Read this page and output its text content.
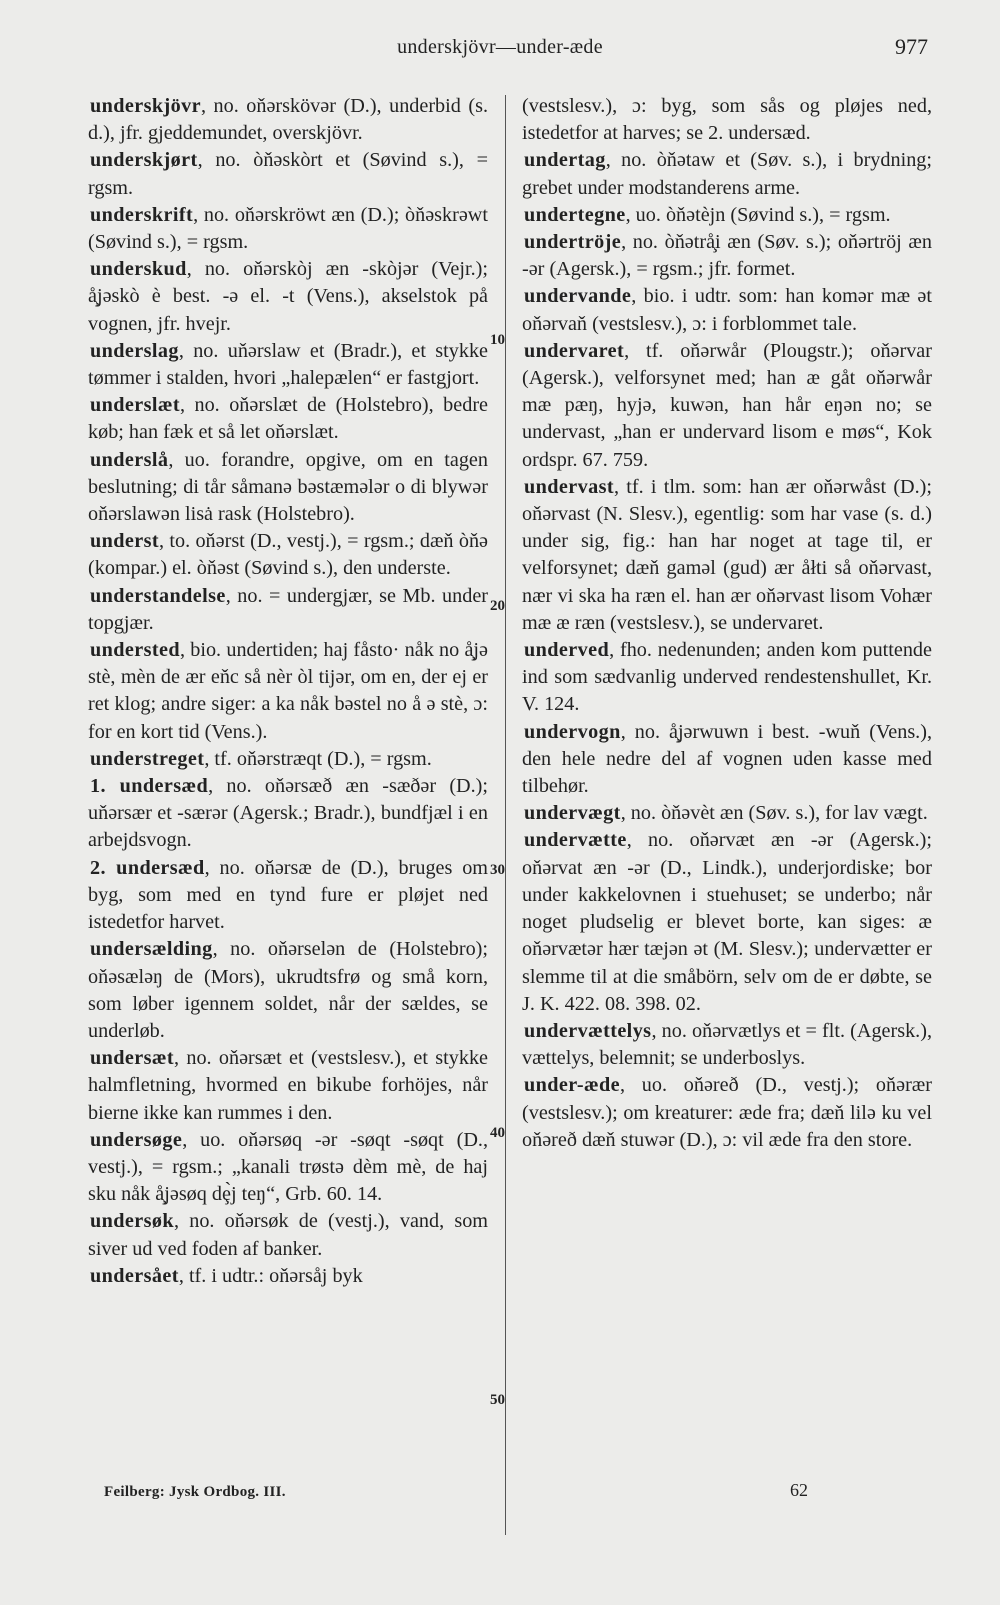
underskjövr—under-æde	977
10
20
30
40
50

underskjövr, no. oňərskövər (D.), underbid (s. d.), jfr. gjeddemundet, overskjövr.

underskjørt, no. òňəskòrt et (Søvind s.), = rgsm.

underskrift, no. oňərskröwt æn (D.); òňəskrəwt (Søvind s.), = rgsm.

underskud, no. oňərskòj æn -skòjər (Vejr.); å̧jəskò è best. -ə el. -t (Vens.), akselstok på vognen, jfr. hvejr.

underslag, no. uňərslaw et (Bradr.), et stykke tømmer i stalden, hvori „halepælen“ er fastgjort.

underslæt, no. oňərslæt de (Holstebro), bedre køb; han fæk et så let oňərslæt.

underslå, uo. forandre, opgive, om en tagen beslutning; di tår såmanə bəstæmələr o di blywər oňərslawən lisȧ rask (Holstebro).

underst, to. oňərst (D., vestj.), = rgsm.; dæň òňə (kompar.) el. òňəst (Søvind s.), den underste.

understandelse, no. = undergjær, se Mb. under topgjær.

understed, bio. undertiden; haj fåsto· nåk no å̧jə stè, mèn de ær eňc så nèr òl tijər, om en, der ej er ret klog; andre siger: a ka nåk bəstel no å ə stè, ɔ: for en kort tid (Vens.).

understreget, tf. oňərstræqt (D.), = rgsm.

1. undersæd, no. oňərsæð æn -sæðər (D.); uňərsær et -særər (Agersk.; Bradr.), bundfjæl i en arbejdsvogn.

2. undersæd, no. oňərsæ de (D.), bruges om byg, som med en tynd fure er pløjet ned istedetfor harvet.

undersælding, no. oňərselən de (Holstebro); oňəsæləŋ de (Mors), ukrudtsfrø og små korn, som løber igennem soldet, når der sældes, se underløb.

undersæt, no. oňərsæt et (vestslesv.), et stykke halmfletning, hvormed en bikube forhöjes, når bierne ikke kan rummes i den.

undersøge, uo. oňərsøq -ər -søqt -søqt (D., vestj.), = rgsm.; „kanali trøstə dèm mè, de haj sku nåk å̧jəsøq dȩ̀j teŋ“, Grb. 60. 14.

undersøk, no. oňərsøk de (vestj.), vand, som siver ud ved foden af banker.

undersået, tf. i udtr.: oňərsåj byk

(vestslesv.), ɔ: byg, som sås og pløjes ned, istedetfor at harves; se 2. undersæd.

undertag, no. òňətaw et (Søv. s.), i brydning; grebet under modstanderens arme.

undertegne, uo. òňətèjn (Søvind s.), = rgsm.

undertröje, no. òňətrå̧i æn (Søv. s.); oňərtröj æn -ər (Agersk.), = rgsm.; jfr. formet.

undervande, bio. i udtr. som: han komər mæ ət oňərvaň (vestslesv.), ɔ: i forblommet tale.

undervaret, tf. oňərwår (Plougstr.); oňərvar (Agersk.), velforsynet med; han æ gåt oňərwår mæ pæŋ, hyjə, kuwən, han hår eŋən no; se undervast, „han er undervard lisom e møs“, Kok ordspr. 67. 759.

undervast, tf. i tlm. som: han ær oňərwåst (D.); oňərvast (N. Slesv.), egentlig: som har vase (s. d.) under sig, fig.: han har noget at tage til, er velforsynet; dæň gaməl (gud) ær åłti så oňərvast, nær vi ska ha ræn el. han ær oňərvast lisom Vohær mæ æ ræn (vestslesv.), se undervaret.

underved, fho. nedenunden; anden kom puttende ind som sædvanlig underved rendestenshullet, Kr. V. 124.

undervogn, no. å̧jərwuwn i best. -wuň (Vens.), den hele nedre del af vognen uden kasse med tilbehør.

undervægt, no. òňəvèt æn (Søv. s.), for lav vægt.

undervætte, no. oňərvæt æn -ər (Agersk.); oňərvat æn -ər (D., Lindk.), underjordiske; bor under kakkelovnen i stuehuset; se underbo; når noget pludselig er blevet borte, kan siges: æ oňərvætər hær tæjən ət (M. Slesv.); undervætter er slemme til at die småbörn, selv om de er døbte, se J. K. 422. 08. 398. 02.

undervættelys, no. oňərvætlys et = flt. (Agersk.), vættelys, belemnit; se underboslys.

under-æde, uo. oňəreð (D., vestj.); oňərær (vestslesv.); om kreaturer: æde fra; dæň lilə ku vel oňəreð dæň stuwər (D.), ɔ: vil æde fra den store.

Feilberg: Jysk Ordbog. III.	62
